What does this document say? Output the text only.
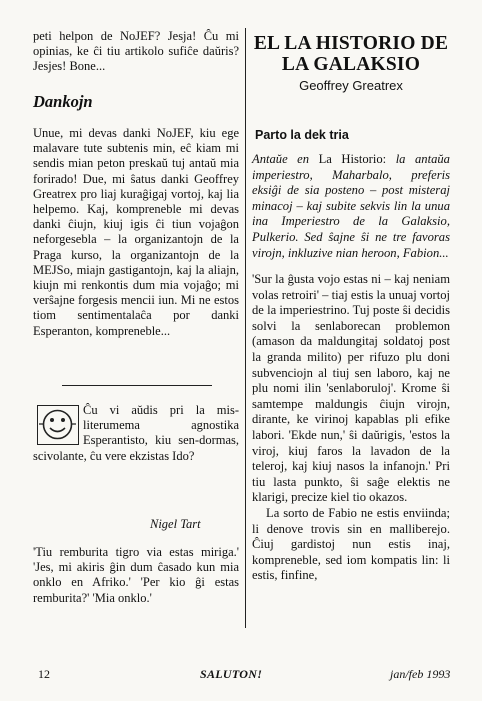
peti helpon de NoJEF? Jesja! Ĉu mi opinias, ke ĉi tiu artikolo sufiĉe daŭris? Jesjes! Bone...

Dankojn

Unue, mi devas danki NoJEF, kiu ege malavare tute subtenis min, eĉ kiam mi sendis mian peton preskaŭ tuj antaŭ mia forirado! Due, mi ŝatus danki Geoffrey Greatrex pro liaj kuraĝigaj vortoj, kaj lia helpemo. Kaj, kompreneble mi devas danki ĉiujn, kiuj igis ĉi tiun vojaĝon neforgeseblа – la organizantojn de la Praga kurso, la organizantojn de la MEJSo, miajn gastigantojn, kaj la aliajn, kiujn mi renkontis dum mia vojaĝo; mi verŝajne forgesis mencii iun. Mi ne estos tiom sentimentalaĉa por danki Esperanton, kompreneble...

Ĉu vi aŭdis pri la mis-literumema agnostika Esperantisto, kiu sen-dormas, scivolante, ĉu vere ekzistas Ido?

Nigel Tart

'Tiu remburita tigro via estas miriga.' 'Jes, mi akiris ĝin dum ĉasado kun mia onklo en Afriko.' 'Per kio ĝi estas remburita?' 'Mia onklo.'

EL LA HISTORIO DE LA GALAKSIO
Geoffrey Greatrex
Parto la dek tria

Antaŭe en La Historio: la antaŭa imperiestro, Maharbalo, preferis eksiĝi de sia posteno – post misteraj minacoj – kaj subite sekvis lin la unua ina Imperiestro de la Galaksio, Pulkerio. Sed ŝajne ŝi ne tre favoras virojn, inkluzive nian heroon, Fabion...

'Sur la ĝusta vojo estas ni – kaj neniam volas retroiri' – tiaj estis la unuaj vortoj de la imperiestrino. Tuj poste ŝi decidis solvi la senlaborecan problemon (amason da maldungitaj soldatoj post la granda milito) per rifuzo plu doni subvenciojn al tiuj sen laboro, kaj ne plu nomi ilin 'senlaboruloj'. Krome ŝi samtempe maldungis ĉiujn virojn, dirante, ke virinoj kapablas pli efike labori. 'Ekde nun,' ŝi daŭrigis, 'estos la viroj, kiuj faros la lavadon de la teleroj, kaj kiuj nasos la infanojn.' Pri tiu lasta punkto, ŝi saĝe elektis ne klarigi, precize kiel tio okazos.

La sorto de Fabio ne estis enviinda; li denove trovis sin en malliberejo. Ĉiuj gardistoj nun estis inaj, kompreneble, sed iom kompatis lin: li estis, finfine,

12	SALUTON!	jan/feb 1993
